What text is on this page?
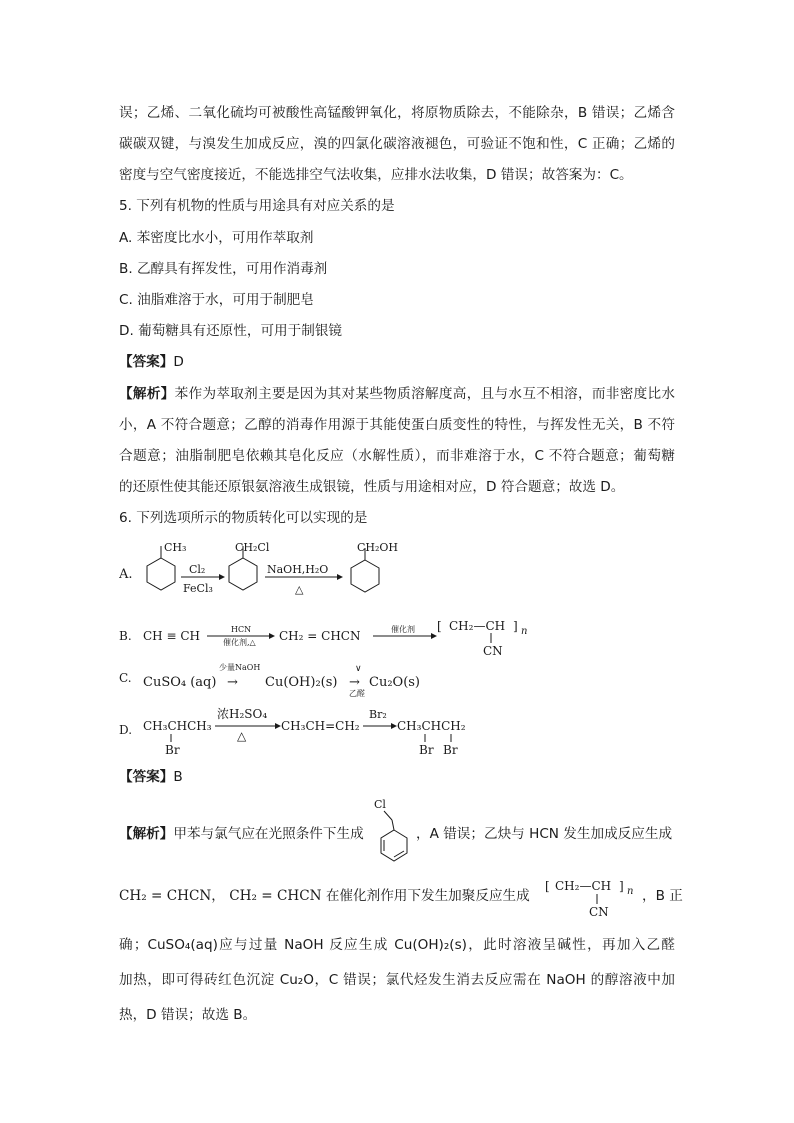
误；乙烯、二氧化硫均可被酸性高锰酸钾氧化，将原物质除去，不能除杂，B 错误；乙烯含
碳碳双键，与溴发生加成反应，溴的四氯化碳溶液褪色，可验证不饱和性，C 正确；乙烯的
密度与空气密度接近，不能选排空气法收集，应排水法收集，D 错误；故答案为：C。
5. 下列有机物的性质与用途具有对应关系的是
A. 苯密度比水小，可用作萃取剂
B. 乙醇具有挥发性，可用作消毒剂
C. 油脂难溶于水，可用于制肥皂
D. 葡萄糖具有还原性，可用于制银镜
【答案】D
【解析】苯作为萃取剂主要是因为其对某些物质溶解度高，且与水互不相溶，而非密度比水
小，A 不符合题意；乙醇的消毒作用源于其能使蛋白质变性的特性，与挥发性无关，B 不符
合题意；油脂制肥皂依赖其皂化反应（水解性质），而非难溶于水，C 不符合题意；葡萄糖
的还原性使其能还原银氨溶液生成银镜，性质与用途相对应，D 符合题意；故选 D。
6. 下列选项所示的物质转化可以实现的是
A.
CH₃
Cl₂
FeCl₃
CH₂Cl
NaOH,H₂O
△
CH₂OH
B. CH ≡ CH	HCN
催化剂,△ CH₂ = CHCN	催化剂 [ CH₂—CH ] n
CN
C. CuSO₄ (aq)
少量NaOH
→ Cu(OH)₂(s)
∨
→
乙醛
Cu₂O(s)
D. CH₃CHCH₃
Br
浓H₂SO₄
△
CH₃CH=CH₂
Br₂
CH₃CHCH₂
Br Br
【答案】B
【解析】甲苯与氯气应在光照条件下生成
Cl
，A 错误；乙炔与 HCN 发生加成反应生成
CH₂ = CHCN， CH₂ = CHCN 在催化剂作用下发生加聚反应生成
[ CH₂—CH ] n
CN
，B 正
确；CuSO₄(aq)应与过量 NaOH 反应生成 Cu(OH)₂(s)，此时溶液呈碱性，再加入乙醛
加热，即可得砖红色沉淀 Cu₂O，C 错误；氯代烃发生消去反应需在 NaOH 的醇溶液中加
热，D 错误；故选 B。
